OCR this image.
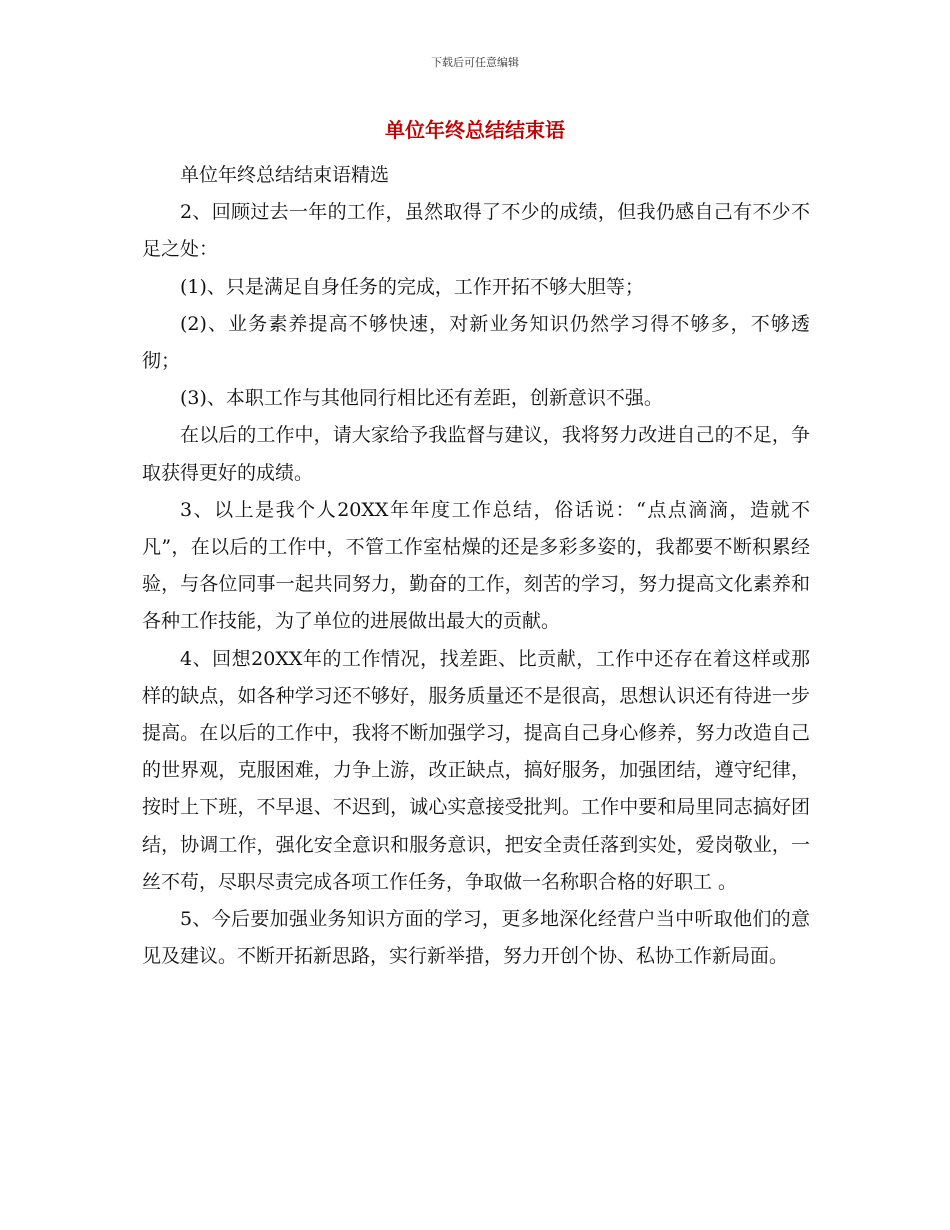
下载后可任意编辑
单位年终总结结束语

单位年终总结结束语精选

2、回顾过去一年的工作，虽然取得了不少的成绩，但我仍感自己有不少不足之处：

(1)、只是满足自身任务的完成，工作开拓不够大胆等；

(2)、业务素养提高不够快速，对新业务知识仍然学习得不够多，不够透彻；

(3)、本职工作与其他同行相比还有差距，创新意识不强。

在以后的工作中，请大家给予我监督与建议，我将努力改进自己的不足，争取获得更好的成绩。

3、以上是我个人20XX年年度工作总结，俗话说：“点点滴滴，造就不凡”，在以后的工作中，不管工作室枯燥的还是多彩多姿的，我都要不断积累经验，与各位同事一起共同努力，勤奋的工作，刻苦的学习，努力提高文化素养和各种工作技能，为了单位的进展做出最大的贡献。

4、回想20XX年的工作情况，找差距、比贡献，工作中还存在着这样或那样的缺点，如各种学习还不够好，服务质量还不是很高，思想认识还有待进一步提高。在以后的工作中，我将不断加强学习，提高自己身心修养，努力改造自己的世界观，克服困难，力争上游，改正缺点，搞好服务，加强团结，遵守纪律，按时上下班，不早退、不迟到，诚心实意接受批判。工作中要和局里同志搞好团结，协调工作，强化安全意识和服务意识，把安全责任落到实处，爱岗敬业，一丝不苟，尽职尽责完成各项工作任务，争取做一名称职合格的好职工 。

5、今后要加强业务知识方面的学习，更多地深化经营户当中听取他们的意见及建议。不断开拓新思路，实行新举措，努力开创个协、私协工作新局面。
